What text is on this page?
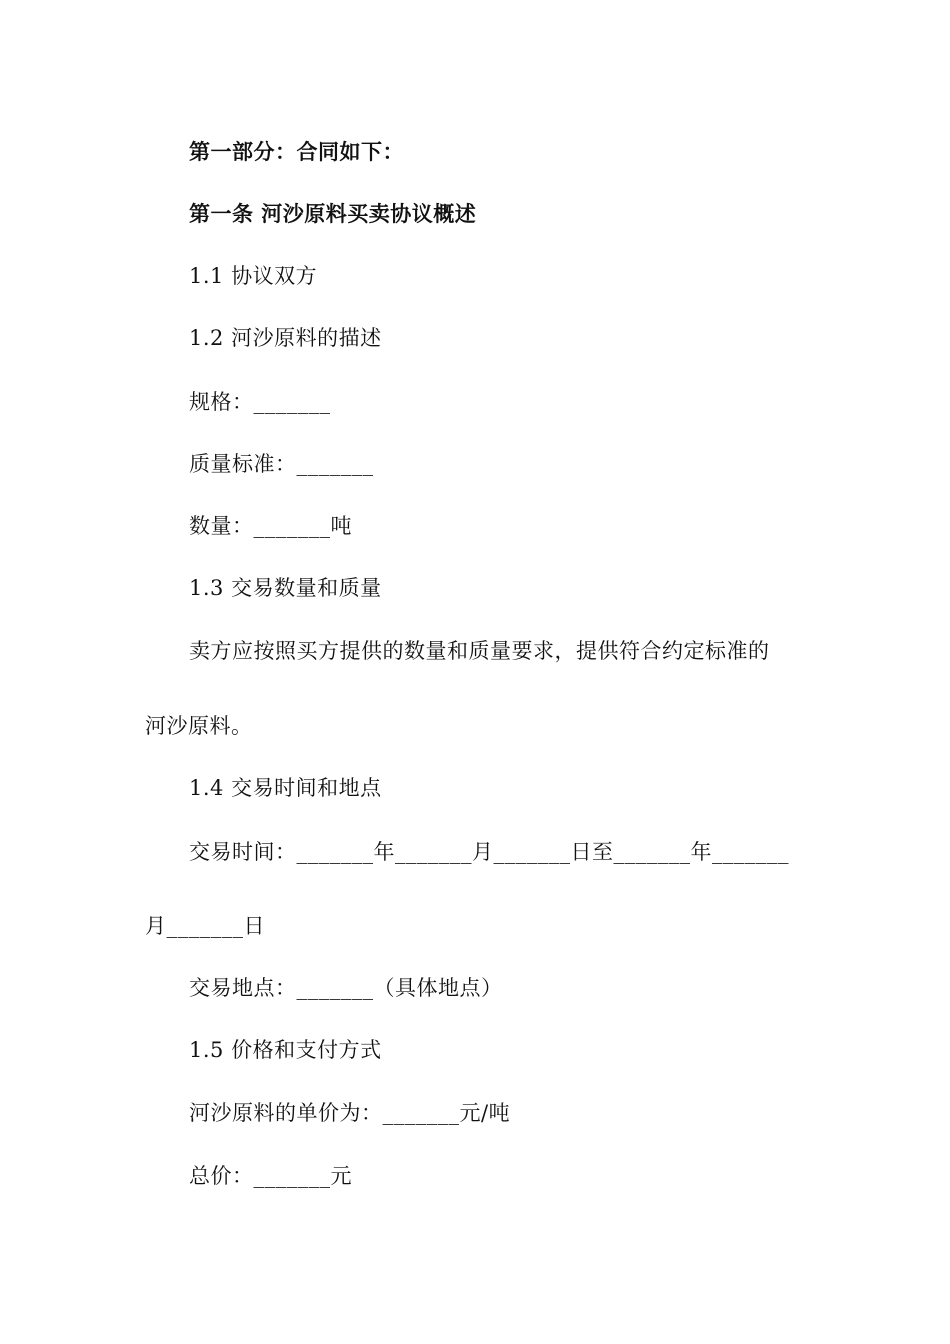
第一部分：合同如下：
第一条 河沙原料买卖协议概述
1.1 协议双方
1.2 河沙原料的描述
规格：_______
质量标准：_______
数量：_______吨
1.3 交易数量和质量
卖方应按照买方提供的数量和质量要求，提供符合约定标准的
河沙原料。
1.4 交易时间和地点
交易时间：_______年_______月_______日至_______年_______
月_______日
交易地点：_______（具体地点）
1.5 价格和支付方式
河沙原料的单价为：_______元/吨
总价：_______元
